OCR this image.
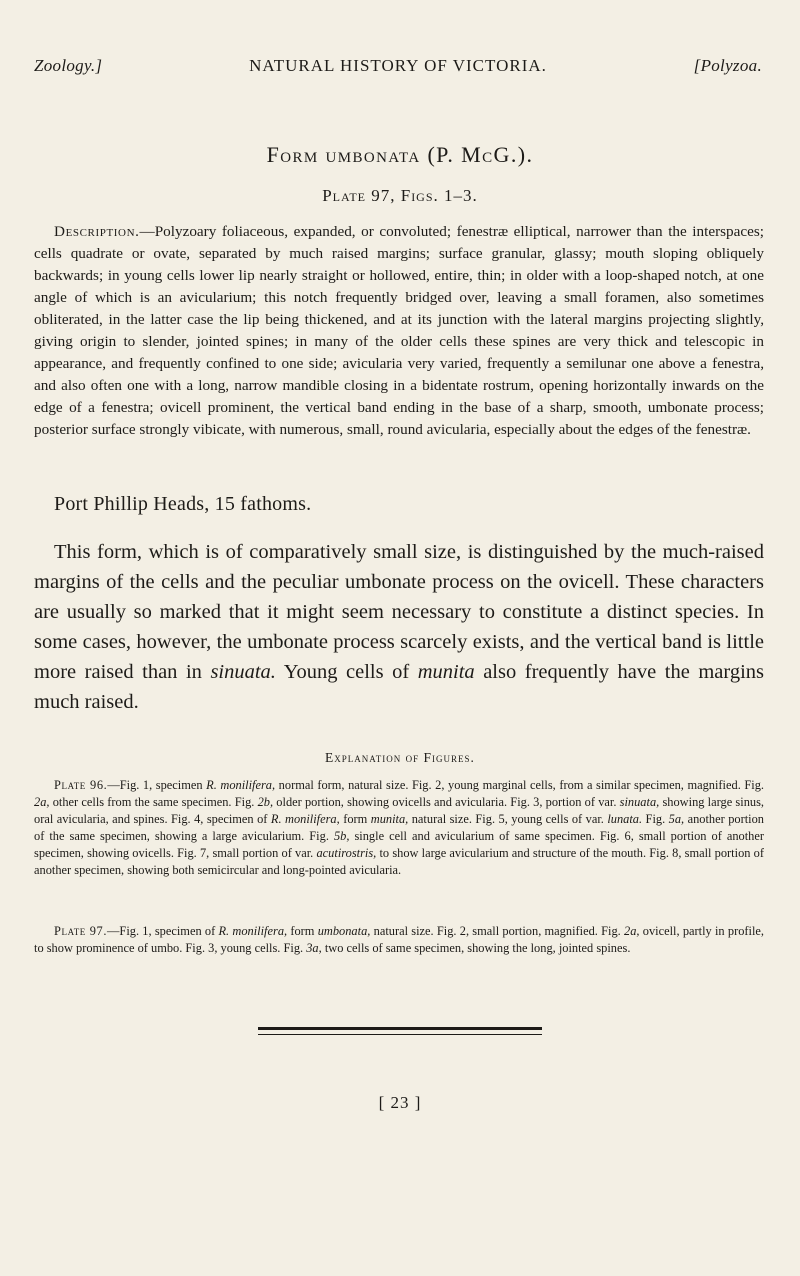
Zoology.]	NATURAL HISTORY OF VICTORIA.	[Polyzoa.
Form umbonata (P. McG.).
Plate 97, Figs. 1–3.

Description.—Polyzoary foliaceous, expanded, or convoluted; fenestræ elliptical, narrower than the interspaces; cells quadrate or ovate, separated by much raised margins; surface granular, glassy; mouth sloping obliquely backwards; in young cells lower lip nearly straight or hollowed, entire, thin; in older with a loop-shaped notch, at one angle of which is an avicularium; this notch frequently bridged over, leaving a small foramen, also sometimes obliterated, in the latter case the lip being thickened, and at its junction with the lateral margins projecting slightly, giving origin to slender, jointed spines; in many of the older cells these spines are very thick and telescopic in appearance, and frequently confined to one side; avicularia very varied, frequently a semilunar one above a fenestra, and also often one with a long, narrow mandible closing in a bidentate rostrum, opening horizontally inwards on the edge of a fenestra; ovicell prominent, the vertical band ending in the base of a sharp, smooth, umbonate process; posterior surface strongly vibicate, with numerous, small, round avicularia, especially about the edges of the fenestræ.

Port Phillip Heads, 15 fathoms.

This form, which is of comparatively small size, is distinguished by the much-raised margins of the cells and the peculiar umbonate process on the ovicell. These characters are usually so marked that it might seem necessary to constitute a distinct species. In some cases, however, the umbonate process scarcely exists, and the vertical band is little more raised than in sinuata. Young cells of munita also frequently have the margins much raised.

Explanation of Figures.

Plate 96.—Fig. 1, specimen R. monilifera, normal form, natural size. Fig. 2, young marginal cells, from a similar specimen, magnified. Fig. 2a, other cells from the same specimen. Fig. 2b, older portion, showing ovicells and avicularia. Fig. 3, portion of var. sinuata, showing large sinus, oral avicularia, and spines. Fig. 4, specimen of R. monilifera, form munita, natural size. Fig. 5, young cells of var. lunata. Fig. 5a, another portion of the same specimen, showing a large avicularium. Fig. 5b, single cell and avicularium of same specimen. Fig. 6, small portion of another specimen, showing ovicells. Fig. 7, small portion of var. acutirostris, to show large avicularium and structure of the mouth. Fig. 8, small portion of another specimen, showing both semicircular and long-pointed avicularia.

Plate 97.—Fig. 1, specimen of R. monilifera, form umbonata, natural size. Fig. 2, small portion, magnified. Fig. 2a, ovicell, partly in profile, to show prominence of umbo. Fig. 3, young cells. Fig. 3a, two cells of same specimen, showing the long, jointed spines.

[ 23 ]
